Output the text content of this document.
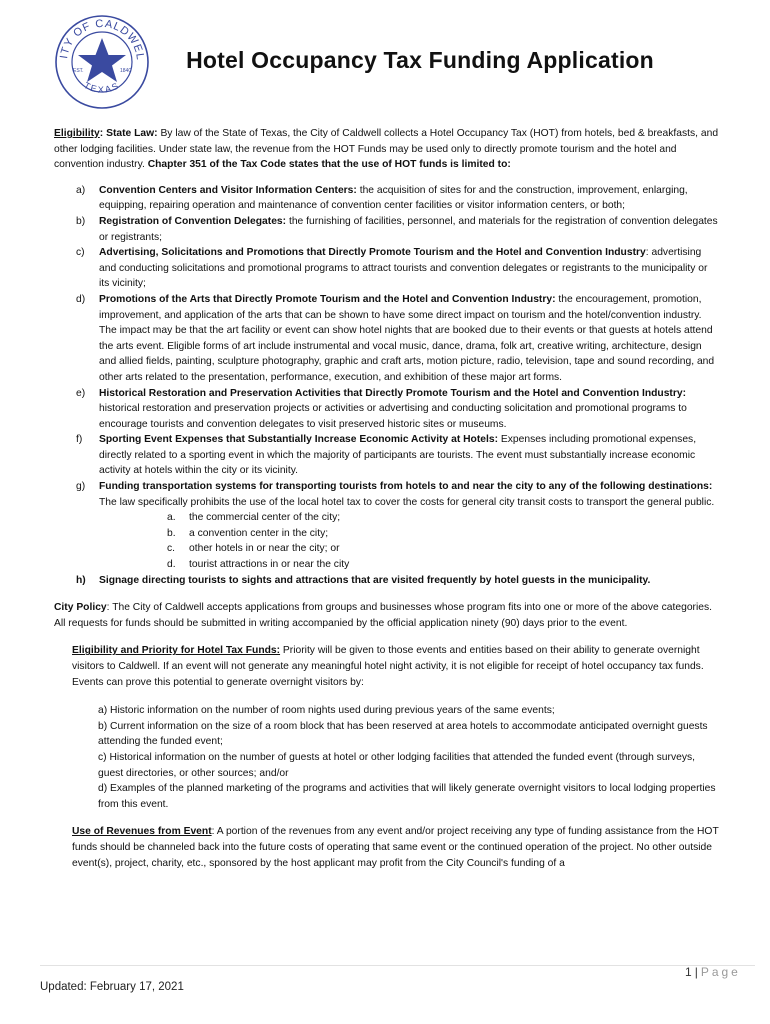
ITY OF CALDWEL
TEXAS
EST.	1840	Hotel Occupancy Tax Funding Application

Eligibility: State Law: By law of the State of Texas, the City of Caldwell collects a Hotel Occupancy Tax (HOT) from hotels, bed & breakfasts, and other lodging facilities. Under state law, the revenue from the HOT Funds may be used only to directly promote tourism and the hotel and convention industry. Chapter 351 of the Tax Code states that the use of HOT funds is limited to:

a) Convention Centers and Visitor Information Centers: the acquisition of sites for and the construction, improvement, enlarging, equipping, repairing operation and maintenance of convention center facilities or visitor information centers, or both;
b) Registration of Convention Delegates: the furnishing of facilities, personnel, and materials for the registration of convention delegates or registrants;
c) Advertising, Solicitations and Promotions that Directly Promote Tourism and the Hotel and Convention Industry: advertising and conducting solicitations and promotional programs to attract tourists and convention delegates or registrants to the municipality or its vicinity;
d) Promotions of the Arts that Directly Promote Tourism and the Hotel and Convention Industry: the encouragement, promotion, improvement, and application of the arts that can be shown to have some direct impact on tourism and the hotel/convention industry. The impact may be that the art facility or event can show hotel nights that are booked due to their events or that guests at hotels attend the arts event. Eligible forms of art include instrumental and vocal music, dance, drama, folk art, creative writing, architecture, design and allied fields, painting, sculpture photography, graphic and craft arts, motion picture, radio, television, tape and sound recording, and other arts related to the presentation, performance, execution, and exhibition of these major art forms.
e) Historical Restoration and Preservation Activities that Directly Promote Tourism and the Hotel and Convention Industry: historical restoration and preservation projects or activities or advertising and conducting solicitation and promotional programs to encourage tourists and convention delegates to visit preserved historic sites or museums.
f) Sporting Event Expenses that Substantially Increase Economic Activity at Hotels: Expenses including promotional expenses, directly related to a sporting event in which the majority of participants are tourists. The event must substantially increase economic activity at hotels within the city or its vicinity.
g) Funding transportation systems for transporting tourists from hotels to and near the city to any of the following destinations: The law specifically prohibits the use of the local hotel tax to cover the costs for general city transit costs to transport the general public.
a. the commercial center of the city;
b. a convention center in the city;
c. other hotels in or near the city; or
d. tourist attractions in or near the city
h) Signage directing tourists to sights and attractions that are visited frequently by hotel guests in the municipality.

City Policy: The City of Caldwell accepts applications from groups and businesses whose program fits into one or more of the above categories. All requests for funds should be submitted in writing accompanied by the official application ninety (90) days prior to the event.

Eligibility and Priority for Hotel Tax Funds: Priority will be given to those events and entities based on their ability to generate overnight visitors to Caldwell. If an event will not generate any meaningful hotel night activity, it is not eligible for receipt of hotel occupancy tax funds. Events can prove this potential to generate overnight visitors by:

a) Historic information on the number of room nights used during previous years of the same events;

b) Current information on the size of a room block that has been reserved at area hotels to accommodate anticipated overnight guests attending the funded event;

c) Historical information on the number of guests at hotel or other lodging facilities that attended the funded event (through surveys, guest directories, or other sources; and/or

d) Examples of the planned marketing of the programs and activities that will likely generate overnight visitors to local lodging properties from this event.

Use of Revenues from Event: A portion of the revenues from any event and/or project receiving any type of funding assistance from the HOT funds should be channeled back into the future costs of operating that same event or the continued operation of the project. No other outside event(s), project, charity, etc., sponsored by the host applicant may profit from the City Council's funding of a

1 | Page
Updated: February 17, 2021
